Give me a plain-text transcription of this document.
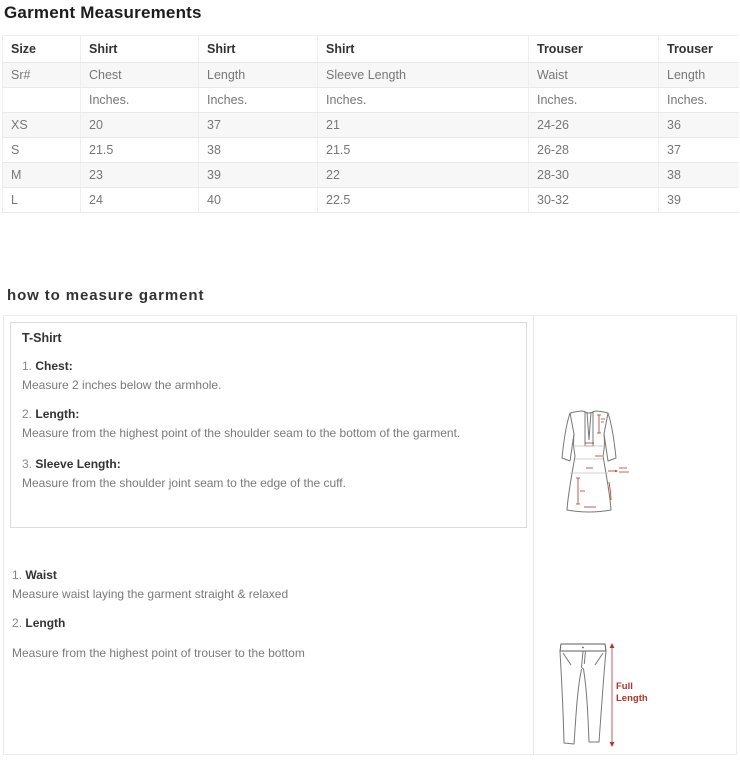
Garment Measurements
Size	Shirt	Shirt	Shirt	Trouser	Trouser
Sr#	Chest	Length	Sleeve Length	Waist	Length
	Inches.	Inches.	Inches.	Inches.	Inches.
XS	20	37	21	24-26	36
S	21.5	38	21.5	26-28	37
M	23	39	22	28-30	38
L	24	40	22.5	30-32	39
how to measure garment

T-Shirt

1. Chest:

Measure 2 inches below the armhole.

2. Length:

Measure from the highest point of the shoulder seam to the bottom of the garment.

3. Sleeve Length:

Measure from the shoulder joint seam to the edge of the cuff.

1. Waist

Measure waist laying the garment straight & relaxed

2. Length

Measure from the highest point of trouser to the bottom

Full Length
